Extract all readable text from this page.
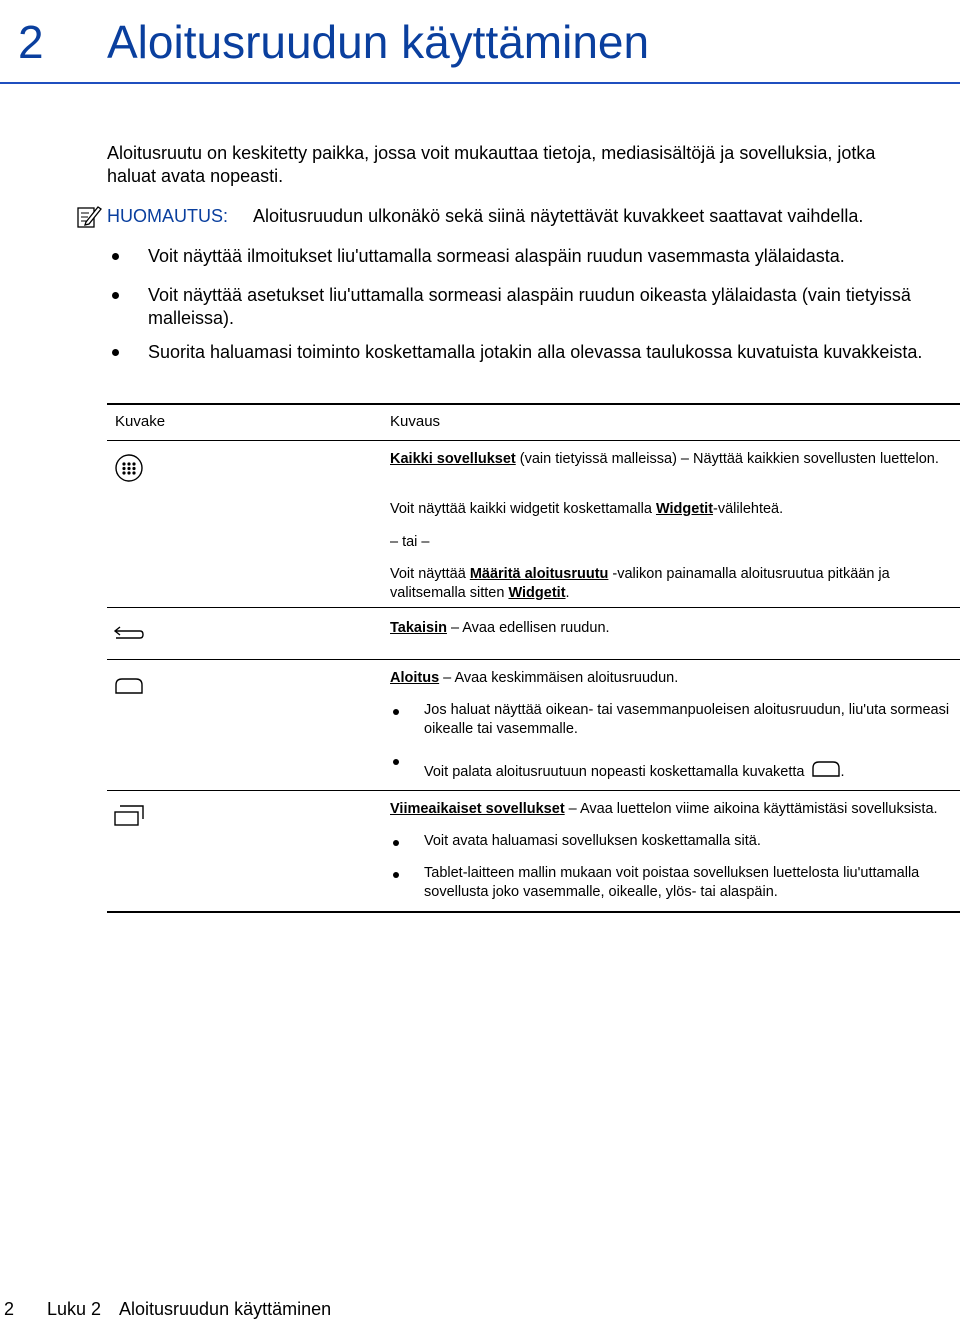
2 Aloitusruudun käyttäminen
Aloitusruutu on keskitetty paikka, jossa voit mukauttaa tietoja, mediasisältöjä ja sovelluksia, jotka haluat avata nopeasti.
HUOMAUTUS: Aloitusruudun ulkonäkö sekä siinä näytettävät kuvakkeet saattavat vaihdella.
Voit näyttää ilmoitukset liu'uttamalla sormeasi alaspäin ruudun vasemmasta ylälaidasta.
Voit näyttää asetukset liu'uttamalla sormeasi alaspäin ruudun oikeasta ylälaidasta (vain tietyissä malleissa).
Suorita haluamasi toiminto koskettamalla jotakin alla olevassa taulukossa kuvatuista kuvakkeista.
Kuvake	Kuvaus
Kaikki sovellukset (vain tietyissä malleissa) – Näyttää kaikkien sovellusten luettelon.
Voit näyttää kaikki widgetit koskettamalla Widgetit-välilehteä.
– tai –
Voit näyttää Määritä aloitusruutu -valikon painamalla aloitusruutua pitkään ja valitsemalla sitten Widgetit.
Takaisin – Avaa edellisen ruudun.
Aloitus – Avaa keskimmäisen aloitusruudun.
Jos haluat näyttää oikean- tai vasemmanpuoleisen aloitusruudun, liu'uta sormeasi oikealle tai vasemmalle.
Voit palata aloitusruutuun nopeasti koskettamalla kuvaketta .
Viimeaikaiset sovellukset – Avaa luettelon viime aikoina käyttämistäsi sovelluksista.
Voit avata haluamasi sovelluksen koskettamalla sitä.
Tablet-laitteen mallin mukaan voit poistaa sovelluksen luettelosta liu'uttamalla sovellusta joko vasemmalle, oikealle, ylös- tai alaspäin.
2 Luku 2 Aloitusruudun käyttäminen
